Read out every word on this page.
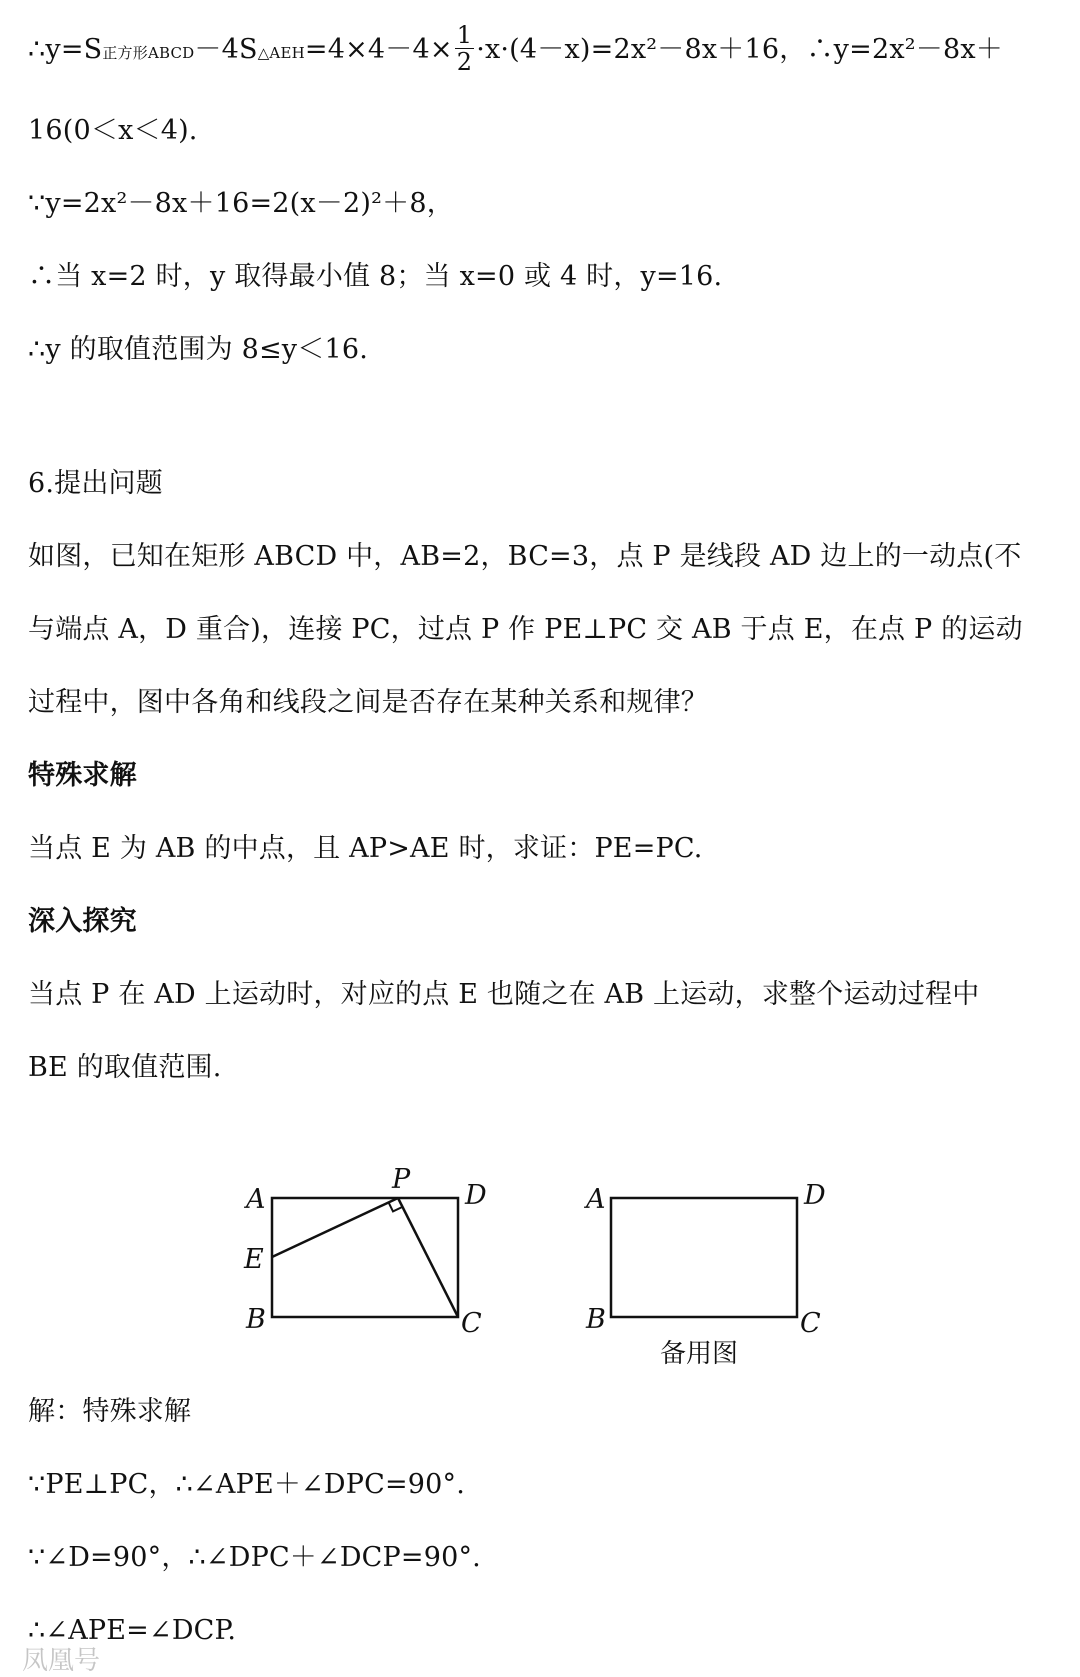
∴y=S正方形ABCD－4S△AEH=4×4－4× $\frac{1}{2} \cdot x\cdot(4-x)=2x^2-8x+16$，∴y=2x²－8x＋
16(0＜x＜4).
∵y=2x²－8x＋16=2(x－2)²＋8，
∴当 x=2 时，y 取得最小值 8；当 x=0 或 4 时，y=16.
∴y 的取值范围为 8≤y＜16.
6.提出问题
如图，已知在矩形 ABCD 中，AB=2，BC=3，点 P 是线段 AD 边上的一动点(不
与端点 A，D 重合)，连接 PC，过点 P 作 PE⊥PC 交 AB 于点 E，在点 P 的运动
过程中，图中各角和线段之间是否存在某种关系和规律？
特殊求解
当点 E 为 AB 的中点，且 AP>AE 时，求证：PE=PC.
深入探究
当点 P 在 AD 上运动时，对应的点 E 也随之在 AB 上运动，求整个运动过程中
BE 的取值范围.
A	D
P
E
B	C
A	D
B	C
备用图
解：特殊求解
∵PE⊥PC，∴∠APE＋∠DPC=90°.
∵∠D=90°，∴∠DPC＋∠DCP=90°.
∴∠APE=∠DCP.
凤凰号
